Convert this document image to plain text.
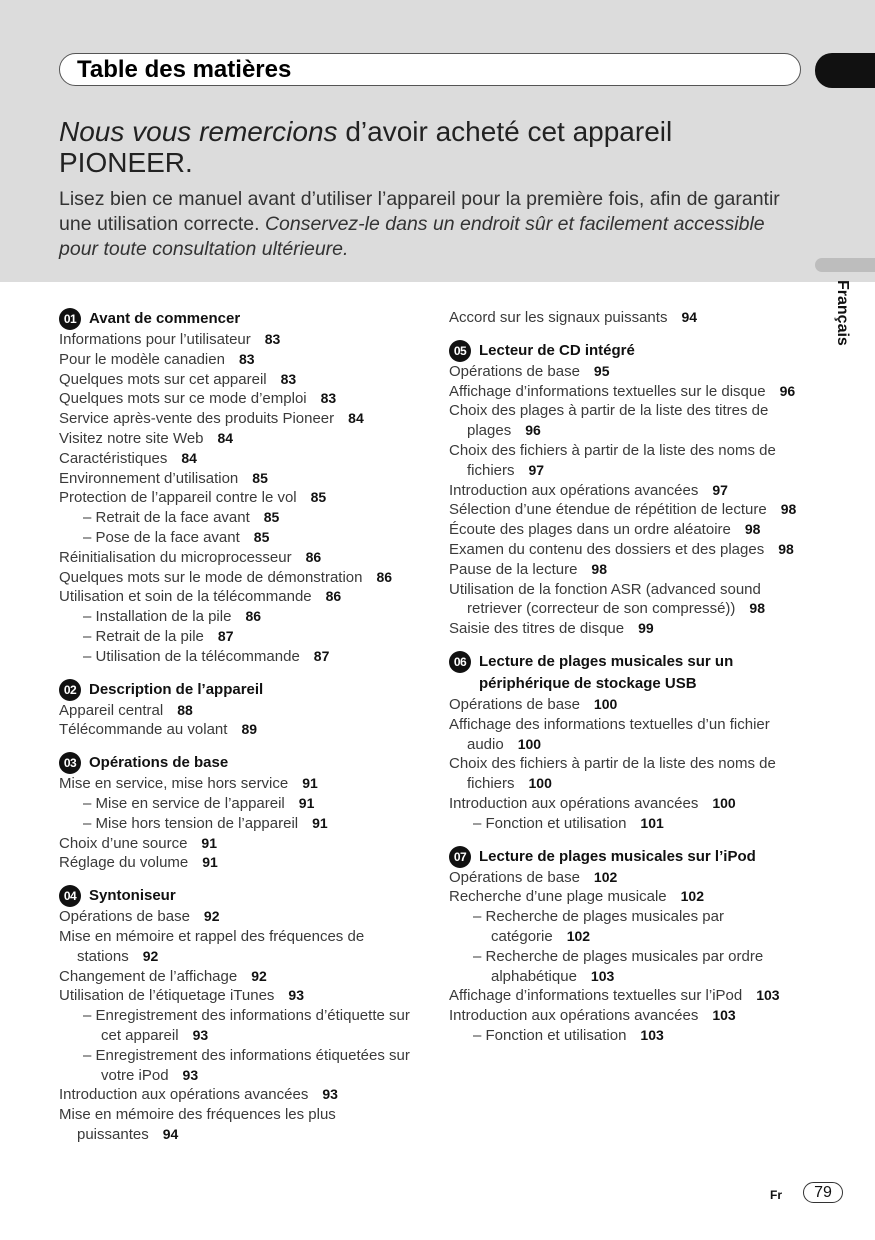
Table des matières
Français
Nous vous remercions d’avoir acheté cet appareil PIONEER.
Lisez bien ce manuel avant d’utiliser l’appareil pour la première fois, afin de garantir une utilisation correcte. Conservez-le dans un endroit sûr et facilement accessible pour toute consultation ultérieure.
01 Avant de commencer
Informations pour l’utilisateur 83
Pour le modèle canadien 83
Quelques mots sur cet appareil 83
Quelques mots sur ce mode d’emploi 83
Service après-vente des produits Pioneer 84
Visitez notre site Web 84
Caractéristiques 84
Environnement d’utilisation 85
Protection de l’appareil contre le vol 85
– Retrait de la face avant 85
– Pose de la face avant 85
Réinitialisation du microprocesseur 86
Quelques mots sur le mode de démonstration 86
Utilisation et soin de la télécommande 86
– Installation de la pile 86
– Retrait de la pile 87
– Utilisation de la télécommande 87
02 Description de l’appareil
Appareil central 88
Télécommande au volant 89
03 Opérations de base
Mise en service, mise hors service 91
– Mise en service de l’appareil 91
– Mise hors tension de l’appareil 91
Choix d’une source 91
Réglage du volume 91
04 Syntoniseur
Opérations de base 92
Mise en mémoire et rappel des fréquences de stations 92
Changement de l’affichage 92
Utilisation de l’étiquetage iTunes 93
– Enregistrement des informations d’étiquette sur cet appareil 93
– Enregistrement des informations étiquetées sur votre iPod 93
Introduction aux opérations avancées 93
Mise en mémoire des fréquences les plus puissantes 94
Accord sur les signaux puissants 94
05 Lecteur de CD intégré
Opérations de base 95
Affichage d’informations textuelles sur le disque 96
Choix des plages à partir de la liste des titres de plages 96
Choix des fichiers à partir de la liste des noms de fichiers 97
Introduction aux opérations avancées 97
Sélection d’une étendue de répétition de lecture 98
Écoute des plages dans un ordre aléatoire 98
Examen du contenu des dossiers et des plages 98
Pause de la lecture 98
Utilisation de la fonction ASR (advanced sound retriever (correcteur de son compressé)) 98
Saisie des titres de disque 99
06 Lecture de plages musicales sur un périphérique de stockage USB
Opérations de base 100
Affichage des informations textuelles d’un fichier audio 100
Choix des fichiers à partir de la liste des noms de fichiers 100
Introduction aux opérations avancées 100
– Fonction et utilisation 101
07 Lecture de plages musicales sur l’iPod
Opérations de base 102
Recherche d’une plage musicale 102
– Recherche de plages musicales par catégorie 102
– Recherche de plages musicales par ordre alphabétique 103
Affichage d’informations textuelles sur l’iPod 103
Introduction aux opérations avancées 103
– Fonction et utilisation 103
Fr	79
